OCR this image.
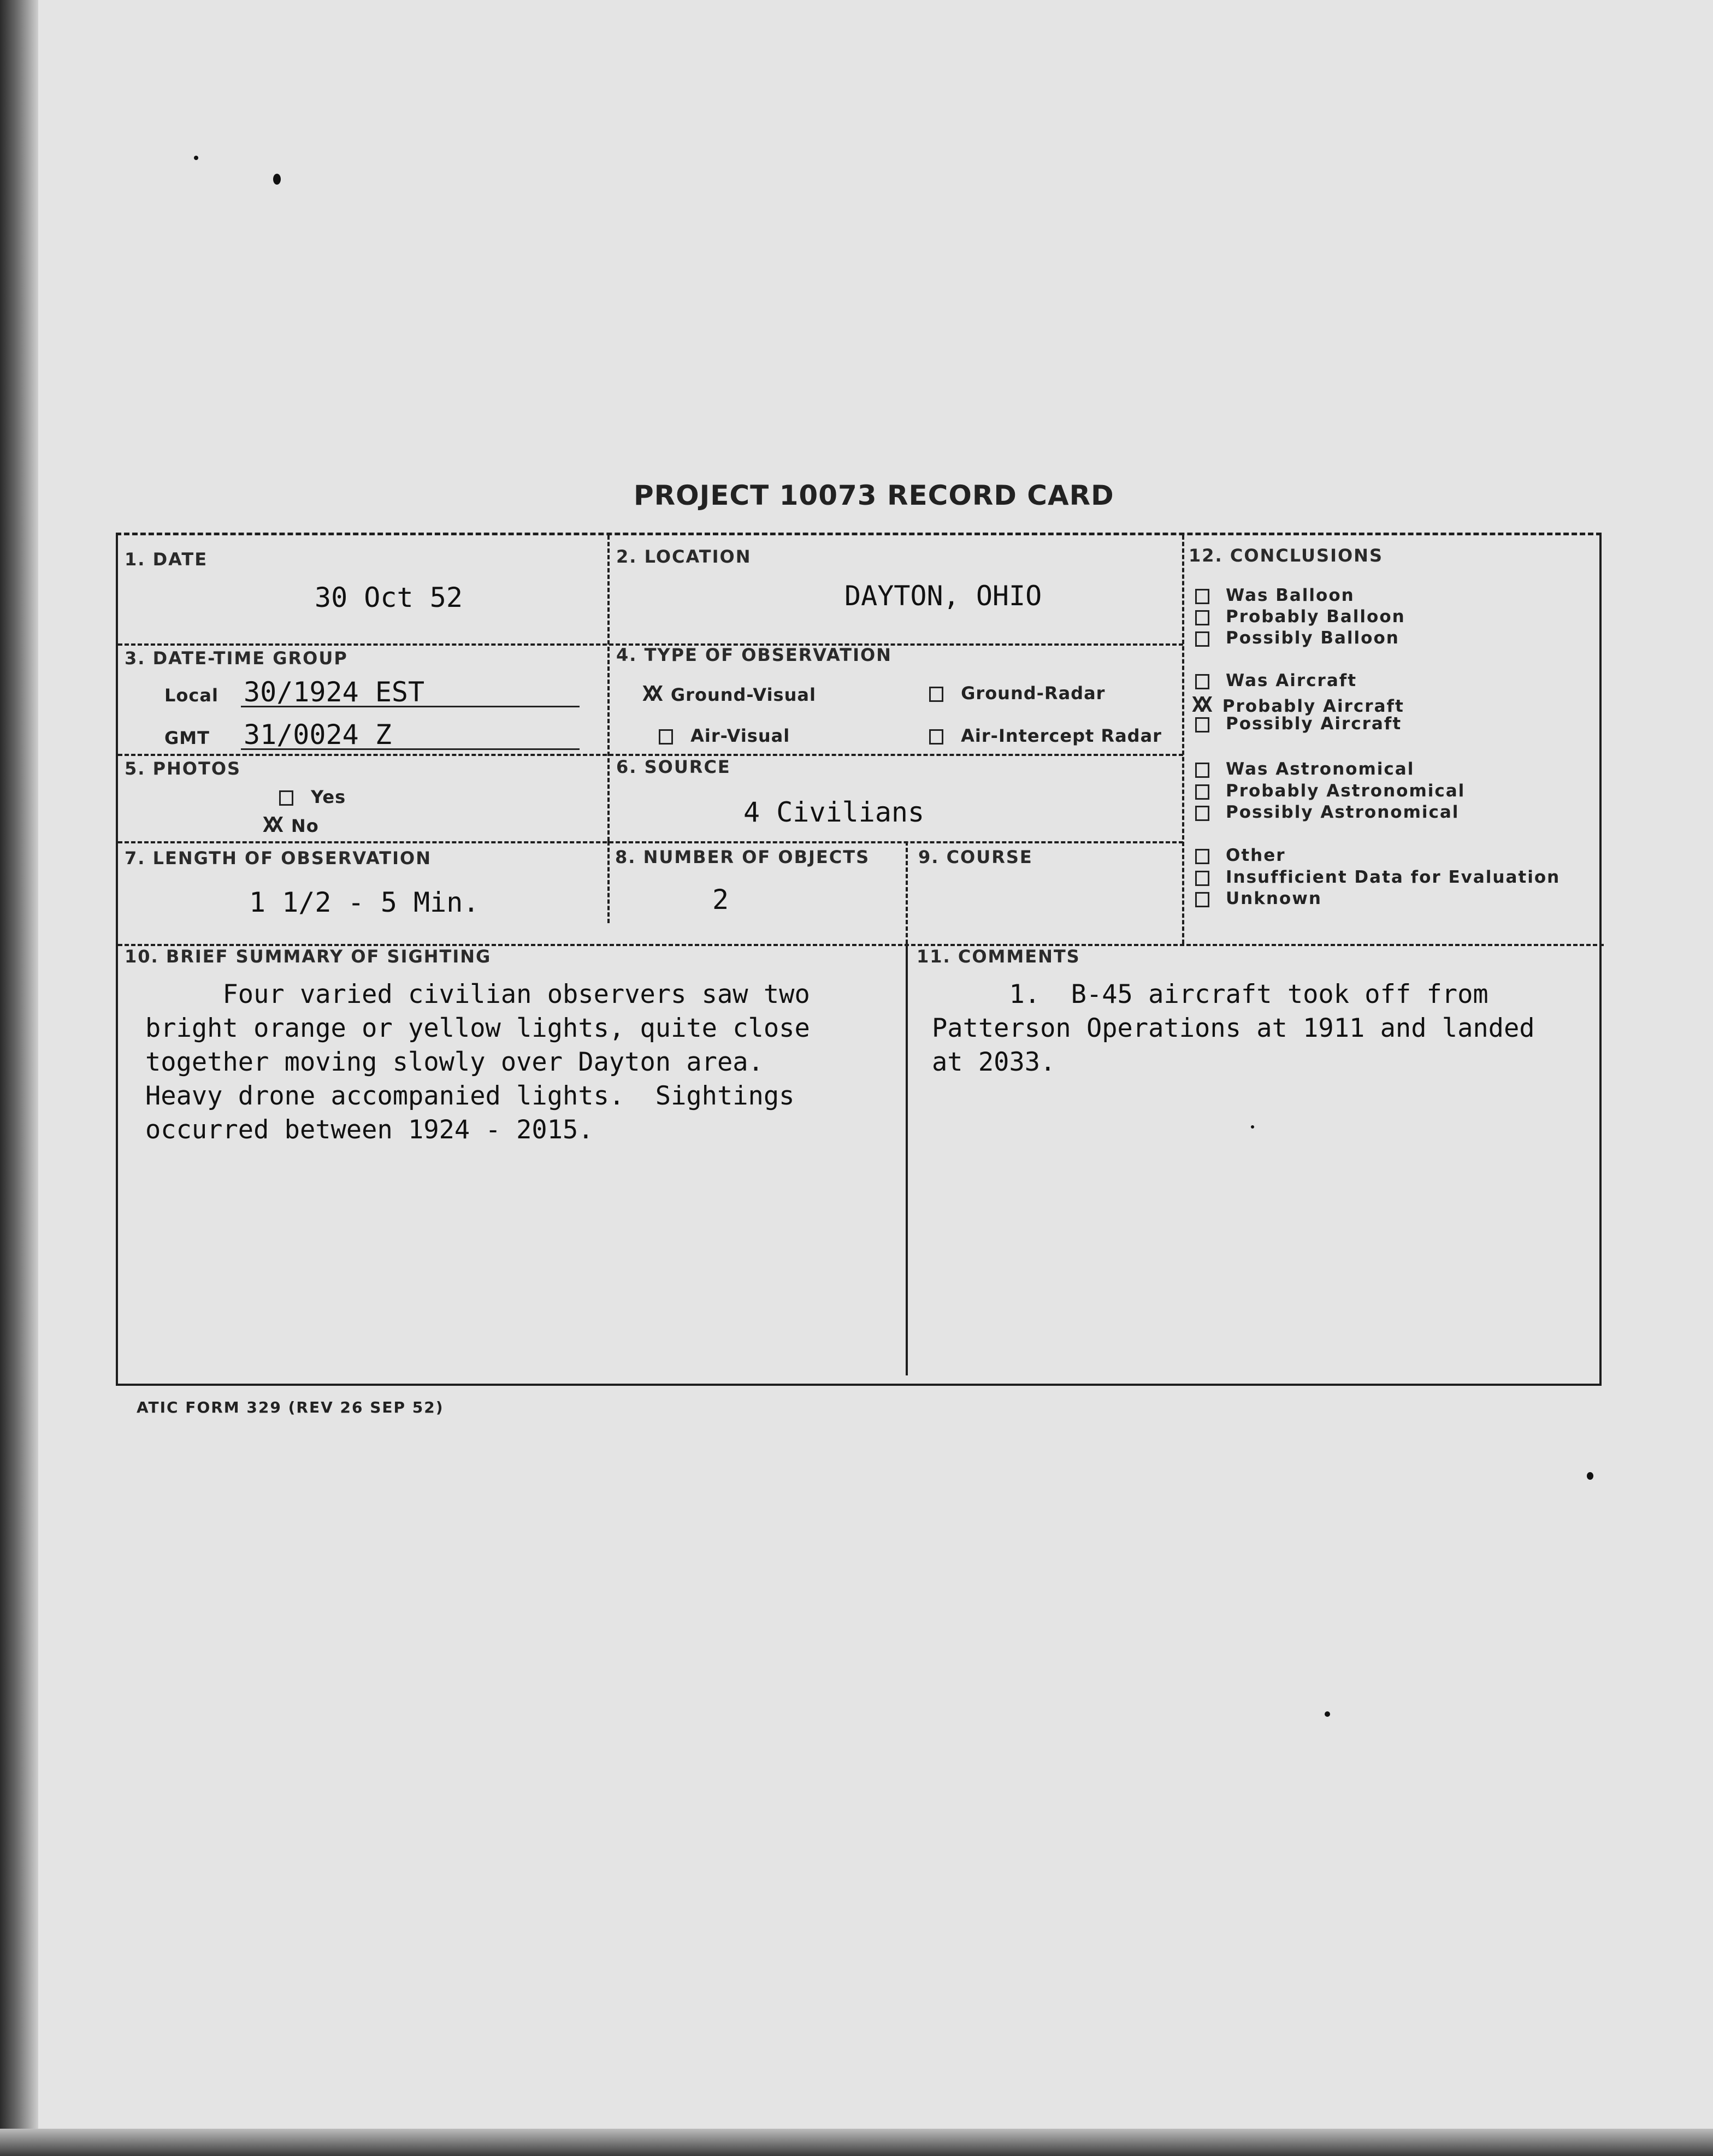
PROJECT 10073 RECORD CARD
1. DATE
30 Oct 52
2. LOCATION
DAYTON, OHIO
3. DATE-TIME GROUP
Local 30/1924 EST
GMT 31/0024 Z
4. TYPE OF OBSERVATION
XX Ground-Visual	Ground-Radar
Air-Visual	Air-Intercept Radar
5. PHOTOS
Yes
XX No
6. SOURCE
4 Civilians
7. LENGTH OF OBSERVATION
1 1/2 - 5 Min.
8. NUMBER OF OBJECTS
2
9. COURSE
10. BRIEF SUMMARY OF SIGHTING
Four varied civilian observers saw two
bright orange or yellow lights, quite close
together moving slowly over Dayton area.
Heavy drone accompanied lights.  Sightings
occurred between 1924 - 2015.
11. COMMENTS
1.  B-45 aircraft took off from
Patterson Operations at 1911 and landed
at 2033.
12. CONCLUSIONS
Was Balloon
Probably Balloon
Possibly Balloon
Was Aircraft
XX Probably Aircraft
Possibly Aircraft
Was Astronomical
Probably Astronomical
Possibly Astronomical
Other
Insufficient Data for Evaluation
Unknown
ATIC FORM 329 (REV 26 SEP 52)
